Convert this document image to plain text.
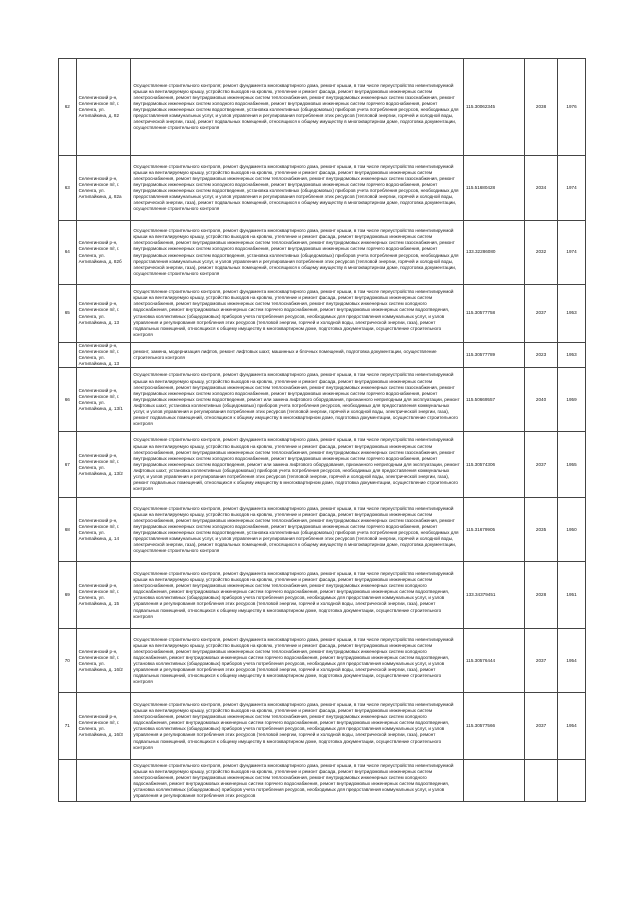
62	Селенгинский р-н, Селенгинское п/г, г. Селенга, ул. Антипайкина, д. 82	Осуществление строительного контроля; ремонт фундамента многоквартирного дома, ремонт крыши, в том числе переустройство невентилируемой крыши на вентилируемую крышу, устройство выходов на кровлю, утепление и ремонт фасада, ремонт внутридомовых инженерных систем электроснабжения, ремонт внутридомовых инженерных систем теплоснабжения, ремонт внутридомовых инженерных систем газоснабжения, ремонт внутридомовых инженерных систем холодного водоснабжения, ремонт внутридомовых инженерных систем горячего водоснабжения, ремонт внутридомовых инженерных систем водоотведения, установка коллективных (общедомовых) приборов учета потребления ресурсов, необходимых для предоставления коммунальных услуг, и узлов управления и регулирования потребления этих ресурсов (тепловой энергии, горячей и холодной воды, электрической энергии, газа), ремонт подвальных помещений, относящихся к общему имуществу в многоквартирном доме, подготовка документации, осуществление строительного контроля	115.30062345	2038	1976

63	Селенгинский р-н, Селенгинское п/г, г. Селенга, ул. Антипайкина, д. 82а	Осуществление строительного контроля, ремонт фундамента многоквартирного дома, ремонт крыши, в том числе переустройство невентилируемой крыши на вентилируемую крышу, устройство выходов на кровлю, утепление и ремонт фасада, ремонт внутридомовых инженерных систем электроснабжения, ремонт внутридомовых инженерных систем теплоснабжения, ремонт внутридомовых инженерных систем газоснабжения, ремонт внутридомовых инженерных систем холодного водоснабжения, ремонт внутридомовых инженерных систем горячего водоснабжения, ремонт внутридомовых инженерных систем водоотведения, установка коллективных (общедомовых) приборов учета потребления ресурсов, необходимых для предоставления коммунальных услуг, и узлов управления и регулирования потребления этих ресурсов (тепловой энергии, горячей и холодной воды, электрической энергии, газа), ремонт подвальных помещений, относящихся к общему имуществу в многоквартирном доме, подготовка документации, осуществление строительного контроля	115.51680428	2034	1974

64	Селенгинский р-н, Селенгинское п/г, г. Селенга, ул. Антипайкина, д. 82б	Осуществление строительного контроля, ремонт фундамента многоквартирного дома, ремонт крыши, в том числе переустройство невентилируемой крыши на вентилируемую крышу, устройство выходов на кровлю, утепление и ремонт фасада, ремонт внутридомовых инженерных систем электроснабжения, ремонт внутридомовых инженерных систем теплоснабжения, ремонт внутридомовых инженерных систем газоснабжения, ремонт внутридомовых инженерных систем холодного водоснабжения, ремонт внутридомовых инженерных систем горячего водоснабжения, ремонт внутридомовых инженерных систем водоотведения, установка коллективных (общедомовых) приборов учета потребления ресурсов, необходимых для предоставления коммунальных услуг, и узлов управления и регулирования потребления этих ресурсов (тепловой энергии, горячей и холодной воды, электрической энергии, газа), ремонт подвальных помещений, относящихся к общему имуществу в многоквартирном доме, подготовка документации, осуществление строительного контроля	133.32286080	2032	1974

65	Селенгинский р-н, Селенгинское п/г, г. Селенга, ул. Антипайкина, д. 13	Осуществление строительного контроля, ремонт фундамента многоквартирного дома, ремонт крыши, в том числе переустройство невентилируемой крыши на вентилируемую крышу, устройство выходов на кровлю, утепление и ремонт фасада, ремонт внутридомовых инженерных систем электроснабжения, ремонт внутридомовых инженерных систем теплоснабжения, ремонт внутридомовых инженерных систем холодного водоснабжения, ремонт внутридомовых инженерных систем горячего водоснабжения, ремонт внутридомовых инженерных систем водоотведения, установка коллективных (общедомовых) приборов учета потребления ресурсов, необходимых для предоставления коммунальных услуг, и узлов управления и регулирования потребления этих ресурсов (тепловой энергии, горячей и холодной воды, электрической энергии, газа), ремонт подвальных помещений, относящихся к общему имуществу в многоквартирном доме, подготовка документации, осуществление строительного контроля	115.30577758	2037	1953

	Селенгинский р-н, Селенгинское п/г, г. Селенга, ул. Антипайкина, д. 13	ремонт, замена, модернизация лифтов, ремонт лифтовых шахт, машинных и блочных помещений, подготовка документации, осуществление строительного контроля	115.30577789	2023	1953

66	Селенгинский р-н, Селенгинское п/г, г. Селенга, ул. Антипайкина, д. 13/1	Осуществление строительного контроля, ремонт фундамента многоквартирного дома, ремонт крыши, в том числе переустройство невентилируемой крыши на вентилируемую крышу, устройство выходов на кровлю, утепление и ремонт фасада, ремонт внутридомовых инженерных систем электроснабжения, ремонт внутридомовых инженерных систем теплоснабжения, ремонт внутридомовых инженерных систем газоснабжения, ремонт внутридомовых инженерных систем холодного водоснабжения, ремонт внутридомовых инженерных систем горячего водоснабжения, ремонт внутридомовых инженерных систем водоотведения, ремонт или замена лифтового оборудования, признанного непригодным для эксплуатации, ремонт лифтовых шахт, установка коллективных (общедомовых) приборов учета потребления ресурсов, необходимых для предоставления коммунальных услуг, и узлов управления и регулирования потребления этих ресурсов (тепловой энергии, горячей и холодной воды, электрической энергии, газа), ремонт подвальных помещений, относящихся к общему имуществу в многоквартирном доме, подготовка документации, осуществление строительного контроля	115.50669557	2040	1959

67	Селенгинский р-н, Селенгинское п/г, г. Селенга, ул. Антипайкина, д. 13/2	Осуществление строительного контроля, ремонт фундамента многоквартирного дома, ремонт крыши, в том числе переустройство невентилируемой крыши на вентилируемую крышу, устройство выходов на кровлю, утепление и ремонт фасада, ремонт внутридомовых инженерных систем электроснабжения, ремонт внутридомовых инженерных систем теплоснабжения, ремонт внутридомовых инженерных систем газоснабжения, ремонт внутридомовых инженерных систем холодного водоснабжения, ремонт внутридомовых инженерных систем горячего водоснабжения, ремонт внутридомовых инженерных систем водоотведения, ремонт или замена лифтового оборудования, признанного непригодным для эксплуатации, ремонт лифтовых шахт, установка коллективных (общедомовых) приборов учета потребления ресурсов, необходимых для предоставления коммунальных услуг, и узлов управления и регулирования потребления этих ресурсов (тепловой энергии, горячей и холодной воды, электрической энергии, газа), ремонт подвальных помещений, относящихся к общему имуществу в многоквартирном доме, подготовка документации, осуществление строительного контроля	115.30574306	2037	1955

68	Селенгинский р-н, Селенгинское п/г, г. Селенга, ул. Антипайкина, д. 14	Осуществление строительного контроля, ремонт фундамента многоквартирного дома, ремонт крыши, в том числе переустройство невентилируемой крыши на вентилируемую крышу, устройство выходов на кровлю, утепление и ремонт фасада, ремонт внутридомовых инженерных систем электроснабжения, ремонт внутридомовых инженерных систем теплоснабжения, ремонт внутридомовых инженерных систем газоснабжения, ремонт внутридомовых инженерных систем холодного водоснабжения, ремонт внутридомовых инженерных систем горячего водоснабжения, ремонт внутридомовых инженерных систем водоотведения, установка коллективных (общедомовых) приборов учета потребления ресурсов, необходимых для предоставления коммунальных услуг, и узлов управления и регулирования потребления этих ресурсов (тепловой энергии, горячей и холодной воды, электрической энергии, газа), ремонт подвальных помещений, относящихся к общему имуществу в многоквартирном доме, подготовка документации, осуществление строительного контроля	115.31679905	2035	1950

69	Селенгинский р-н, Селенгинское п/г, г. Селенга, ул. Антипайкина, д. 15	Осуществление строительного контроля, ремонт фундамента многоквартирного дома, ремонт крыши, в том числе переустройство невентилируемой крыши на вентилируемую крышу, устройство выходов на кровлю, утепление и ремонт фасада, ремонт внутридомовых инженерных систем электроснабжения, ремонт внутридомовых инженерных систем теплоснабжения, ремонт внутридомовых инженерных систем холодного водоснабжения, ремонт внутридомовых инженерных систем горячего водоснабжения, ремонт внутридомовых инженерных систем водоотведения, установка коллективных (общедомовых) приборов учета потребления ресурсов, необходимых для предоставления коммунальных услуг, и узлов управления и регулирования потребления этих ресурсов (тепловой энергии, горячей и холодной воды, электрической энергии, газа), ремонт подвальных помещений, относящихся к общему имуществу в многоквартирном доме, подготовка документации, осуществление строительного контроля	133.34379451	2028	1951

70	Селенгинский р-н, Селенгинское п/г, г. Селенга, ул. Антипайкина, д. 16/2	Осуществление строительного контроля, ремонт фундамента многоквартирного дома, ремонт крыши, в том числе переустройство невентилируемой крыши на вентилируемую крышу, устройство выходов на кровлю, утепление и ремонт фасада, ремонт внутридомовых инженерных систем электроснабжения, ремонт внутридомовых инженерных систем теплоснабжения, ремонт внутридомовых инженерных систем холодного водоснабжения, ремонт внутридомовых инженерных систем горячего водоснабжения, ремонт внутридомовых инженерных систем водоотведения, установка коллективных (общедомовых) приборов учета потребления ресурсов, необходимых для предоставления коммунальных услуг, и узлов управления и регулирования потребления этих ресурсов (тепловой энергии, горячей и холодной воды, электрической энергии, газа), ремонт подвальных помещений, относящихся к общему имуществу в многоквартирном доме, подготовка документации, осуществление строительного контроля	115.30576444	2037	1954

71	Селенгинский р-н, Селенгинское п/г, г. Селенга, ул. Антипайкина, д. 16/3	Осуществление строительного контроля, ремонт фундамента многоквартирного дома, ремонт крыши, в том числе переустройство невентилируемой крыши на вентилируемую крышу, устройство выходов на кровлю, утепление и ремонт фасада, ремонт внутридомовых инженерных систем электроснабжения, ремонт внутридомовых инженерных систем теплоснабжения, ремонт внутридомовых инженерных систем холодного водоснабжения, ремонт внутридомовых инженерных систем горячего водоснабжения, ремонт внутридомовых инженерных систем водоотведения, установка коллективных (общедомовых) приборов учета потребления ресурсов, необходимых для предоставления коммунальных услуг, и узлов управления и регулирования потребления этих ресурсов (тепловой энергии, горячей и холодной воды, электрической энергии, газа), ремонт подвальных помещений, относящихся к общему имуществу в многоквартирном доме, подготовка документации, осуществление строительного контроля	115.30577566	2037	1954

		Осуществление строительного контроля, ремонт фундамента многоквартирного дома, ремонт крыши, в том числе переустройство невентилируемой крыши на вентилируемую крышу, устройство выходов на кровлю, утепление и ремонт фасада, ремонт внутридомовых инженерных систем электроснабжения, ремонт внутридомовых инженерных систем теплоснабжения, ремонт внутридомовых инженерных систем холодного водоснабжения, ремонт внутридомовых инженерных систем горячего водоснабжения, ремонт внутридомовых инженерных систем водоотведения, установка коллективных (общедомовых) приборов учета потребления ресурсов, необходимых для предоставления коммунальных услуг, и узлов управления и регулирования потребления этих ресурсов			
